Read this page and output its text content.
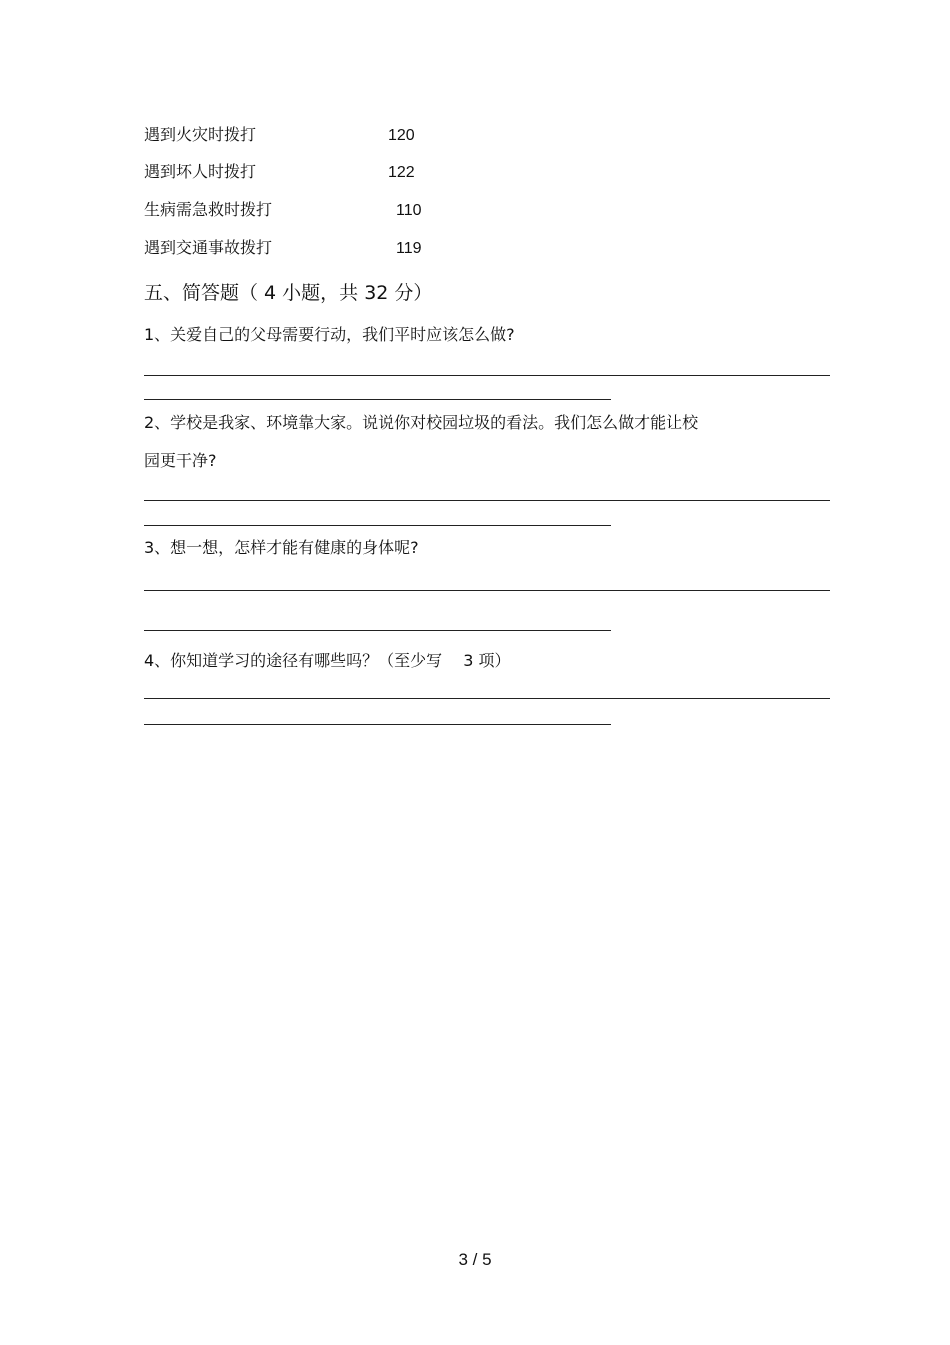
遇到火灾时拨打	120
遇到坏人时拨打	122
生病需急救时拨打	110
遇到交通事故拨打	119
五、简答题（ 4 小题，共 32 分）
1、关爱自己的父母需要行动，我们平时应该怎么做?
2、学校是我家、环境靠大家。说说你对校园垃圾的看法。我们怎么做才能让校
园更干净?
3、想一想，怎样才能有健康的身体呢?
4、你知道学习的途径有哪些吗？（至少写　 3 项）
3 / 5
